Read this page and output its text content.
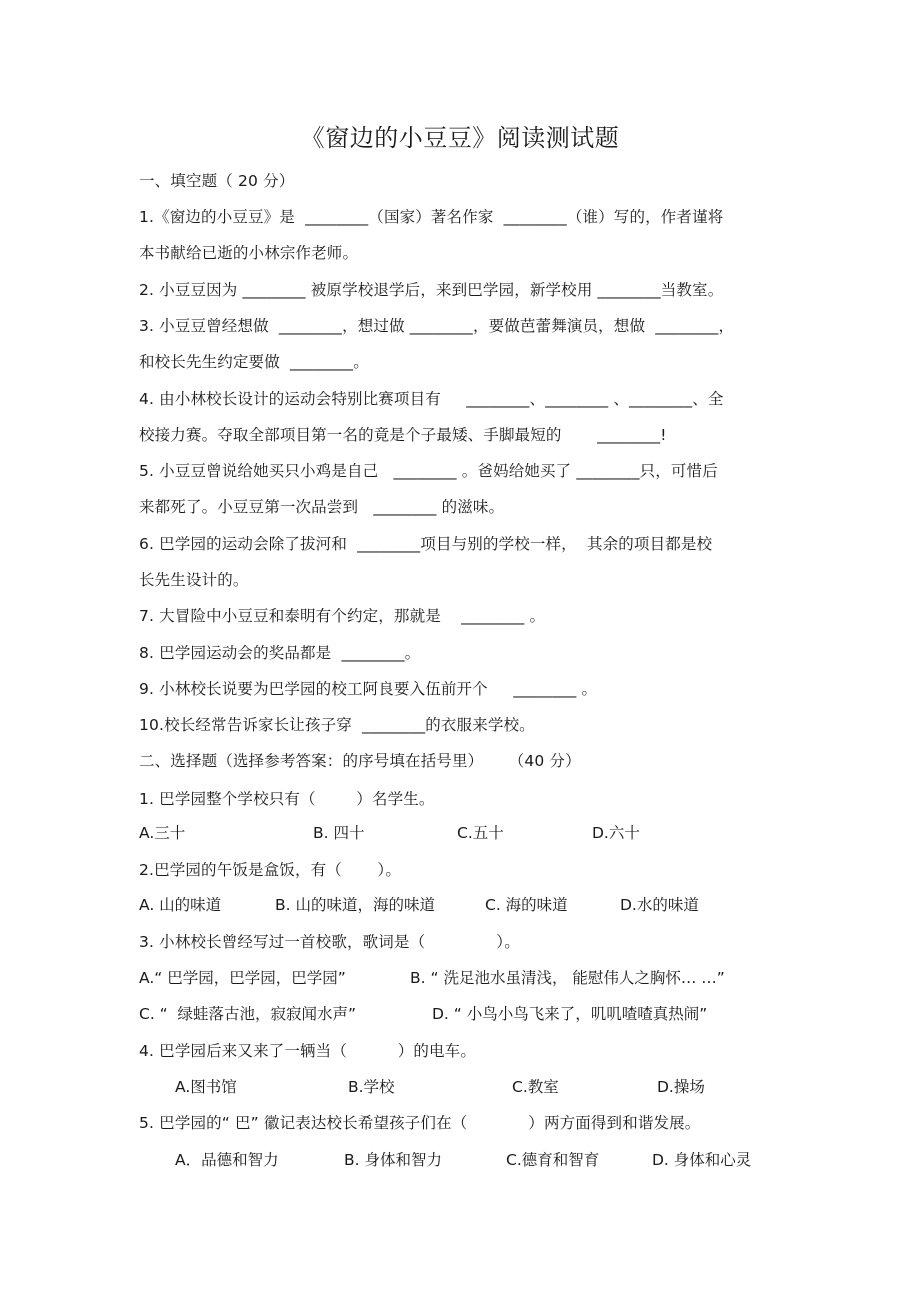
《窗边的小豆豆》阅读测试题
一、填空题（ 20 分）
1.《窗边的小豆豆》是  ________（国家）著名作家  ________（谁）写的，作者谨将
本书献给已逝的小林宗作老师。
2. 小豆豆因为 ________ 被原学校退学后，来到巴学园，新学校用 ________当教室。
3. 小豆豆曾经想做  ________，想过做 ________，要做芭蕾舞演员，想做  ________，
和校长先生约定要做  ________。
4. 由小林校长设计的运动会特别比赛项目有     ________、________ 、________、全
校接力赛。夺取全部项目第一名的竟是个子最矮、手脚最短的       ________!
5. 小豆豆曾说给她买只小鸡是自己   ________ 。爸妈给她买了 ________只，可惜后
来都死了。小豆豆第一次品尝到   ________ 的滋味。
6. 巴学园的运动会除了拔河和  ________项目与别的学校一样，  其余的项目都是校
长先生设计的。
7. 大冒险中小豆豆和泰明有个约定，那就是    ________ 。
8. 巴学园运动会的奖品都是  ________。
9. 小林校长说要为巴学园的校工阿良要入伍前开个     ________ 。
10.校长经常告诉家长让孩子穿  ________的衣服来学校。
二、选择题（选择参考答案：的序号填在括号里）     （40 分）
1. 巴学园整个学校只有（        ）名学生。
A.三十	B. 四十	C.五十	D.六十
2.巴学园的午饭是盒饭，有（       ）。
A. 山的味道	B. 山的味道，海的味道	C. 海的味道	D.水的味道
3. 小林校长曾经写过一首校歌，歌词是（              ）。
A.“ 巴学园，巴学园，巴学园”	B. “ 洗足池水虽清浅， 能慰伟人之胸怀… …”
C. “  绿蛙落古池，寂寂闻水声”	D. “ 小鸟小鸟飞来了，叽叽喳喳真热闹”
4. 巴学园后来又来了一辆当（          ）的电车。
A.图书馆	B.学校	C.教室	D.操场
5. 巴学园的“ 巴” 徽记表达校长希望孩子们在（            ）两方面得到和谐发展。
A．品德和智力	B. 身体和智力	C.德育和智育	D. 身体和心灵
